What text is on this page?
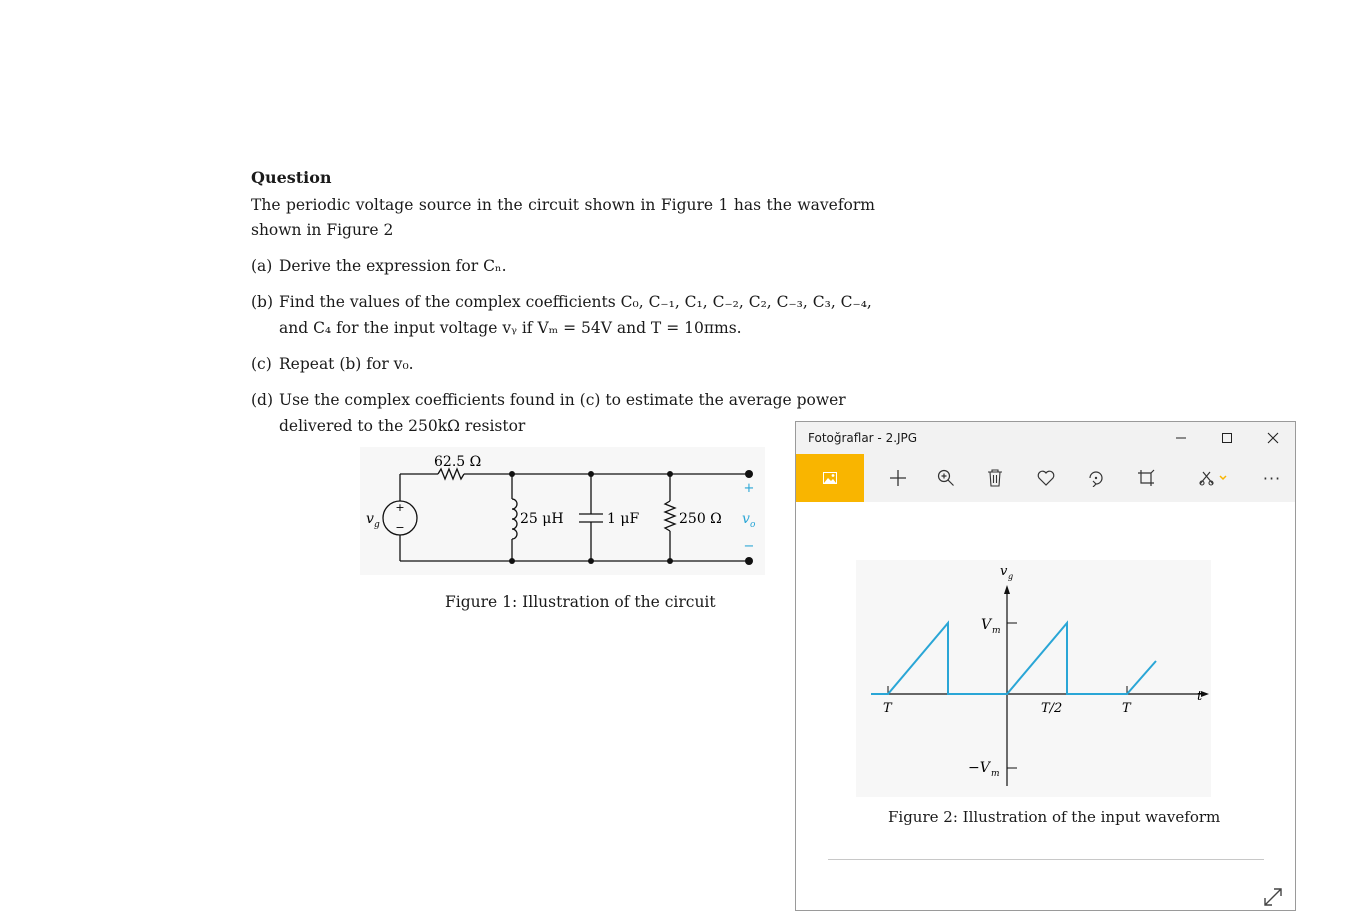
Question

The periodic voltage source in the circuit shown in Figure 1 has the waveform shown in Figure 2

(a) Derive the expression for Cₙ.
(b) Find the values of the complex coefficients C₀, C₋₁, C₁, C₋₂, C₂, C₋₃, C₃, C₋₄, and C₄ for the input voltage vᵧ if Vₘ = 54V and T = 10πms.
(c) Repeat (b) for v₀.
(d) Use the complex coefficients found in (c) to estimate the average power delivered to the 250kΩ resistor
+
−
62.5 Ω
25 μH	1 μF	250 Ω
v g	v o
+
−
Figure 1: Illustration of the circuit
Fotoğraflar - 2.JPG
···
v g
t
V m
−V m
T	T/2	T
Figure 2: Illustration of the input waveform
